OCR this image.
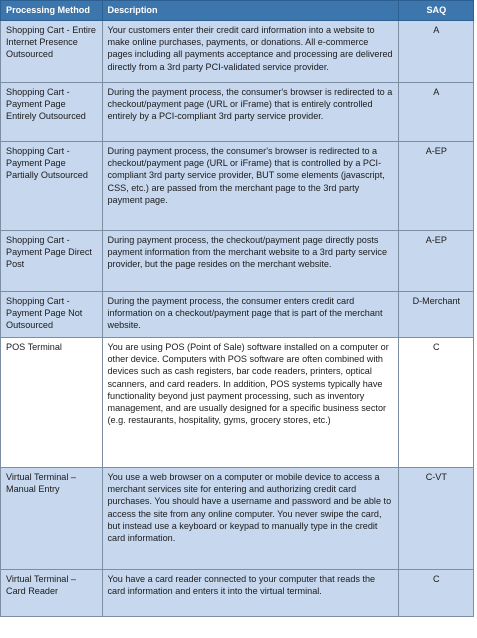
Processing Method	Description	SAQ
Shopping Cart - Entire Internet Presence Outsourced	Your customers enter their credit card information into a website to make online purchases, payments, or donations. All e-commerce pages including all payments acceptance and processing are delivered directly from a 3rd party PCI-validated service provider.	A
Shopping Cart - Payment Page Entirely Outsourced	During the payment process, the consumer's browser is redirected to a checkout/payment page (URL or iFrame) that is entirely controlled entirely by a PCI-compliant 3rd party service provider.	A
Shopping Cart - Payment Page Partially Outsourced	During payment process, the consumer's browser is redirected to a checkout/payment page (URL or iFrame) that is controlled by a PCI-compliant 3rd party service provider, BUT some elements (javascript, CSS, etc.) are passed from the merchant page to the 3rd party payment page.	A-EP
Shopping Cart - Payment Page Direct Post	During payment process, the checkout/payment page directly posts payment information from the merchant website to a 3rd party service provider, but the page resides on the merchant website.	A-EP
Shopping Cart - Payment Page Not Outsourced	During the payment process, the consumer enters credit card information on a checkout/payment page that is part of the merchant website.	D-Merchant
POS Terminal	You are using POS (Point of Sale) software installed on a computer or other device. Computers with POS software are often combined with devices such as cash registers, bar code readers, printers, optical scanners, and card readers. In addition, POS systems typically have functionality beyond just payment processing, such as inventory management, and are usually designed for a specific business sector (e.g. restaurants, hospitality, gyms, grocery stores, etc.)	C
Virtual Terminal – Manual Entry	You use a web browser on a computer or mobile device to access a merchant services site for entering and authorizing credit card purchases. You should have a username and password and be able to access the site from any online computer. You never swipe the card, but instead use a keyboard or keypad to manually type in the credit card information.	C-VT
Virtual Terminal – Card Reader	You have a card reader connected to your computer that reads the card information and enters it into the virtual terminal.	C
